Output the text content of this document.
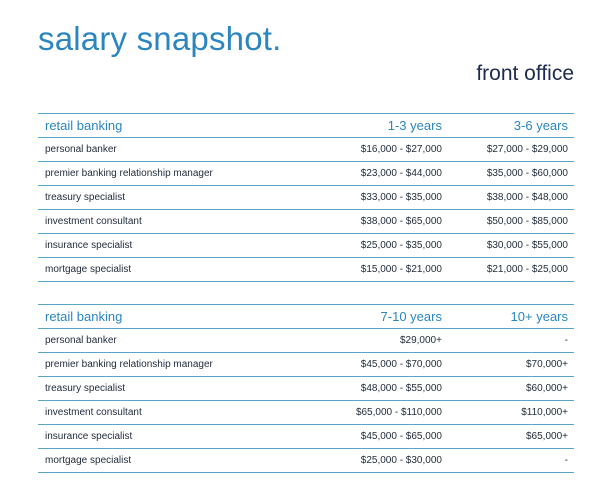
salary snapshot.
front office
retail banking	1-3 years	3-6 years
personal banker	$16,000 - $27,000	$27,000 - $29,000
premier banking relationship manager	$23,000 - $44,000	$35,000 - $60,000
treasury specialist	$33,000 - $35,000	$38,000 - $48,000
investment consultant	$38,000 - $65,000	$50,000 - $85,000
insurance specialist	$25,000 - $35,000	$30,000 - $55,000
mortgage specialist	$15,000 - $21,000	$21,000 - $25,000
retail banking	7-10 years	10+ years
personal banker	$29,000+	-
premier banking relationship manager	$45,000 - $70,000	$70,000+
treasury specialist	$48,000 - $55,000	$60,000+
investment consultant	$65,000 - $110,000	$110,000+
insurance specialist	$45,000 - $65,000	$65,000+
mortgage specialist	$25,000 - $30,000	-
